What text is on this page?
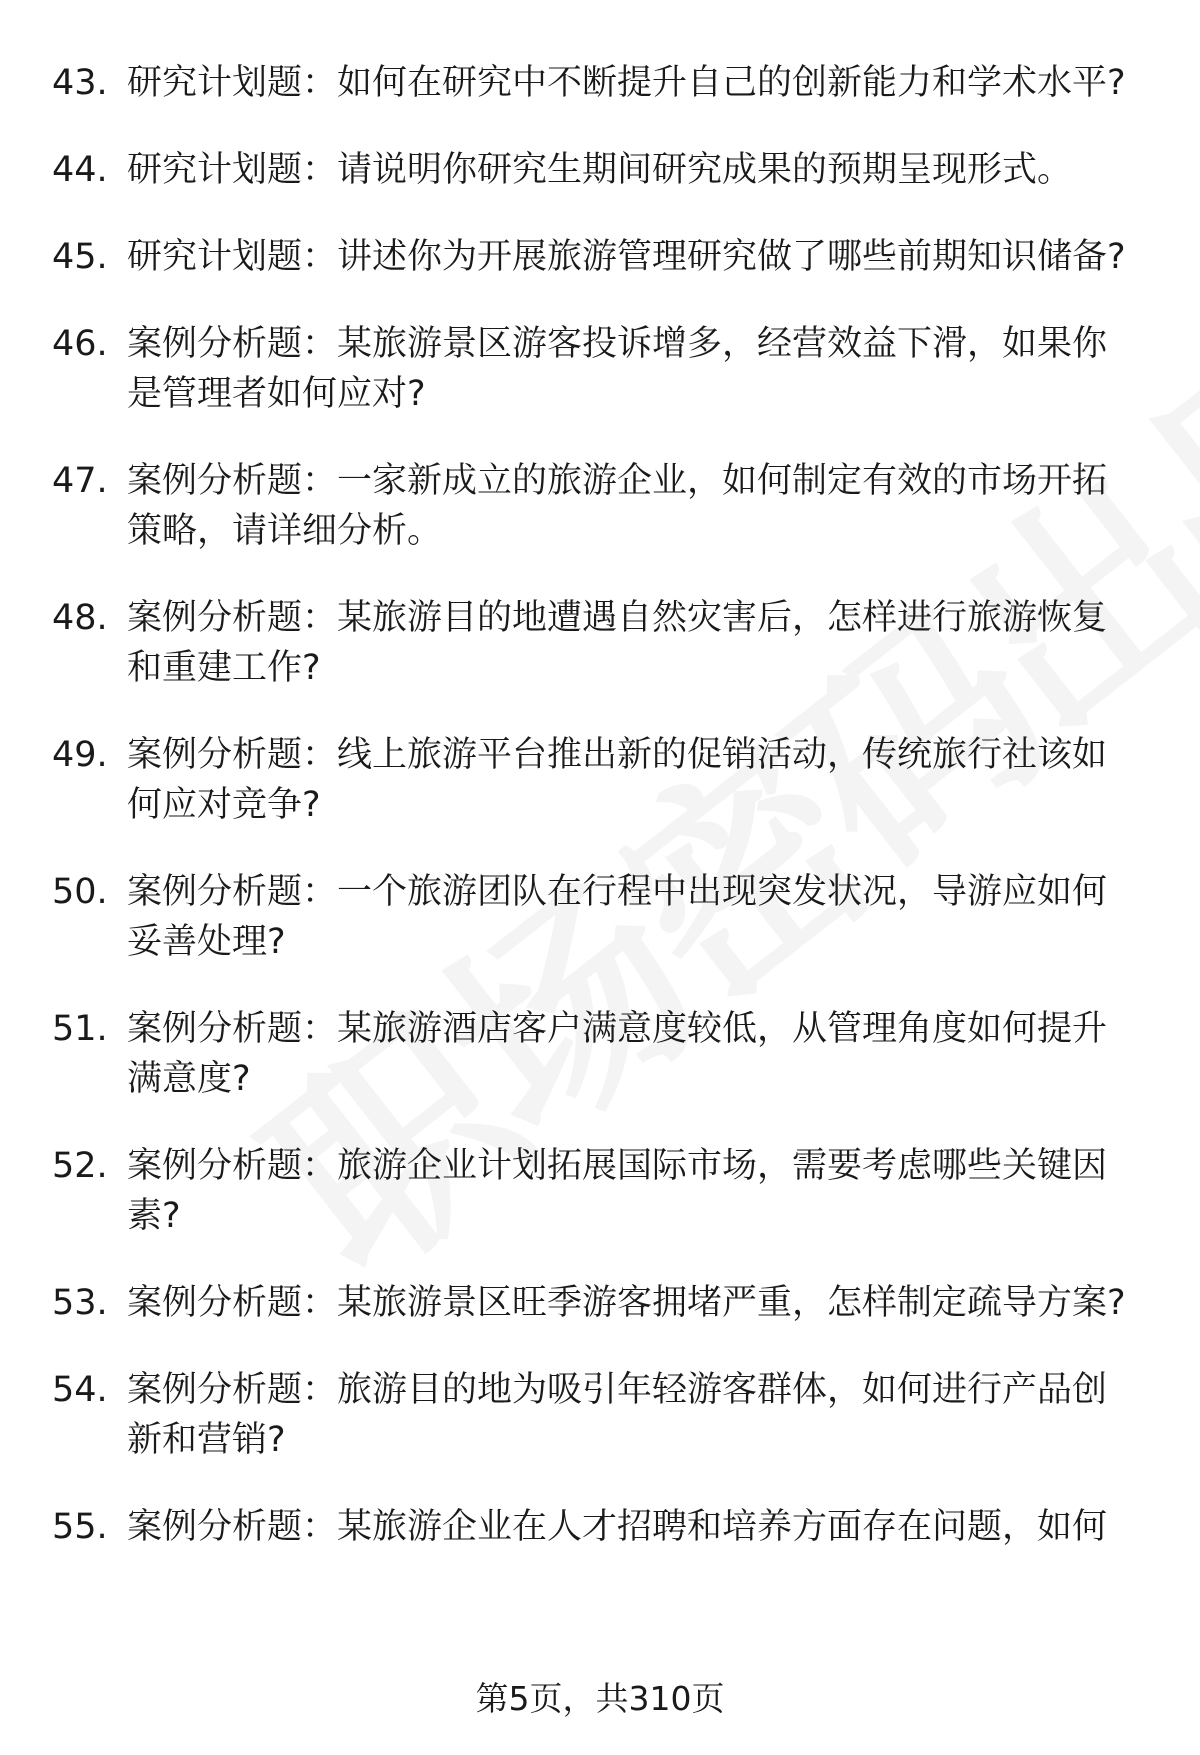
43. 研究计划题：如何在研究中不断提升自己的创新能力和学术水平?
44. 研究计划题：请说明你研究生期间研究成果的预期呈现形式。
45. 研究计划题：讲述你为开展旅游管理研究做了哪些前期知识储备?
46. 案例分析题：某旅游景区游客投诉增多，经营效益下滑，如果你是管理者如何应对?
47. 案例分析题：一家新成立的旅游企业，如何制定有效的市场开拓策略，请详细分析。
48. 案例分析题：某旅游目的地遭遇自然灾害后，怎样进行旅游恢复和重建工作?
49. 案例分析题：线上旅游平台推出新的促销活动，传统旅行社该如何应对竞争?
50. 案例分析题：一个旅游团队在行程中出现突发状况，导游应如何妥善处理?
51. 案例分析题：某旅游酒店客户满意度较低，从管理角度如何提升满意度?
52. 案例分析题：旅游企业计划拓展国际市场，需要考虑哪些关键因素?
53. 案例分析题：某旅游景区旺季游客拥堵严重，怎样制定疏导方案?
54. 案例分析题：旅游目的地为吸引年轻游客群体，如何进行产品创新和营销?
55. 案例分析题：某旅游企业在人才招聘和培养方面存在问题，如何
第5页，共310页
